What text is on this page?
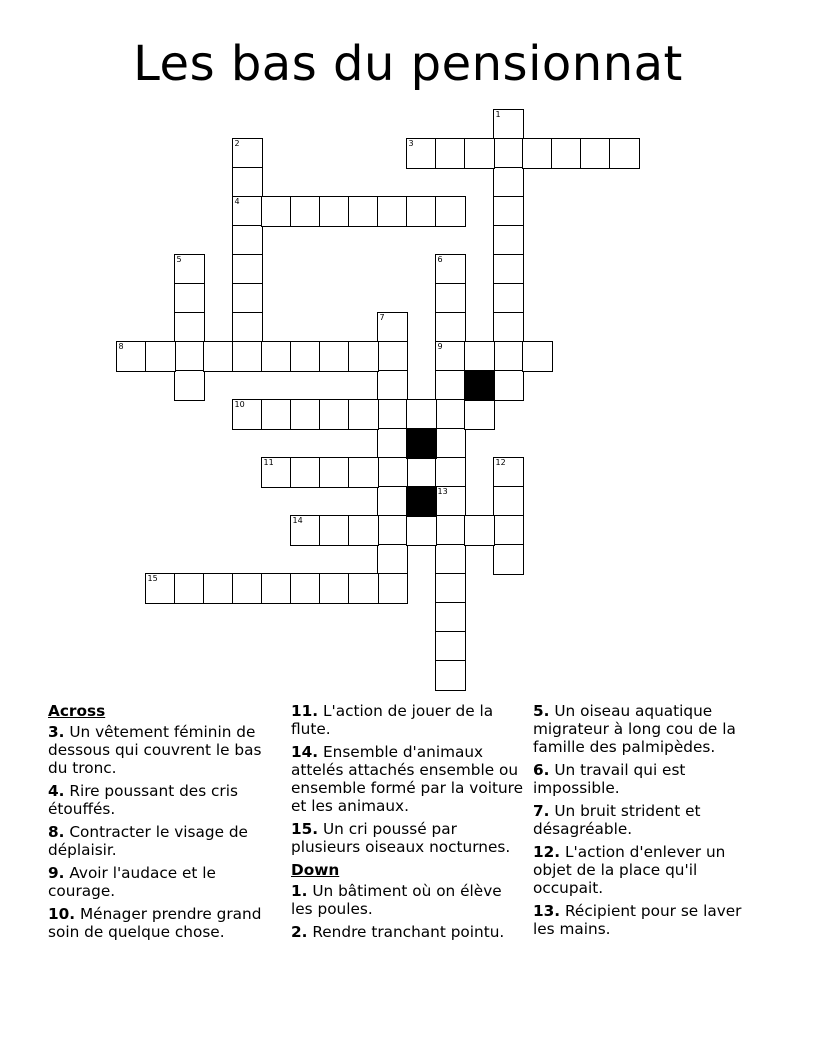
Les bas du pensionnat
1
2
4
5	6
9
7
12
13
3
8
10
11
14
15
Across
3. Un vêtement féminin de dessous qui couvrent le bas du tronc.
4. Rire poussant des cris étouffés.
8. Contracter le visage de déplaisir.
9. Avoir l'audace et le courage.
10. Ménager prendre grand soin de quelque chose.
11. L'action de jouer de la flute.
14. Ensemble d'animaux attelés attachés ensemble ou ensemble formé par la voiture et les animaux.
15. Un cri poussé par plusieurs oiseaux nocturnes.
Down
1. Un bâtiment où on élève les poules.
2. Rendre tranchant pointu.
5. Un oiseau aquatique migrateur à long cou de la famille des palmipèdes.
6. Un travail qui est impossible.
7. Un bruit strident et désagréable.
12. L'action d'enlever un objet de la place qu'il occupait.
13. Récipient pour se laver les mains.
